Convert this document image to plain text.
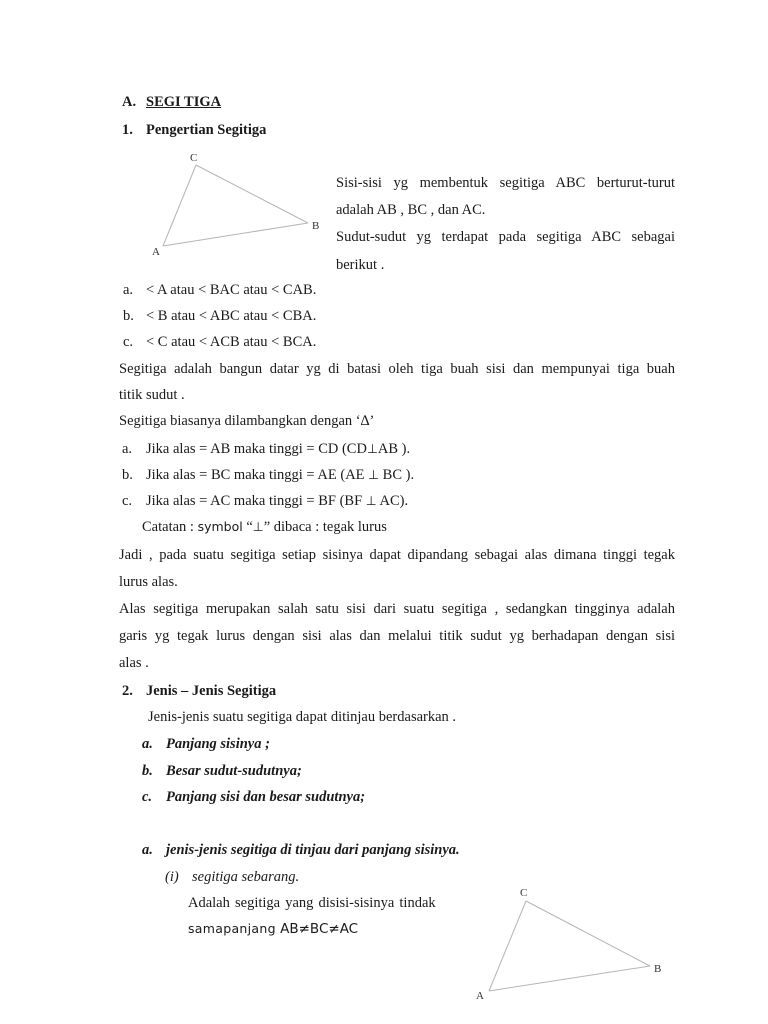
A. SEGI TIGA
1. Pengertian Segitiga
C
B
A
Sisi-sisi yg membentuk segitiga ABC berturut-turut
adalah AB , BC , dan AC.
Sudut-sudut yg terdapat pada segitiga ABC sebagai
berikut .
a. < A atau < BAC atau < CAB.
b. < B atau < ABC atau < CBA.
c. < C atau < ACB atau < BCA.
Segitiga adalah bangun datar yg di batasi oleh tiga buah sisi dan mempunyai tiga buah
titik sudut .
Segitiga biasanya dilambangkan dengan ‘∆’
a. Jika alas = AB maka tinggi = CD (CD⊥AB ).
b. Jika alas = BC maka tinggi = AE (AE ⊥ BC ).
c. Jika alas = AC maka tinggi = BF (BF ⊥ AC).
Catatan : symbol “⊥” dibaca : tegak lurus
Jadi , pada suatu segitiga setiap sisinya dapat dipandang sebagai alas dimana tinggi tegak
lurus alas.
Alas segitiga merupakan salah satu sisi dari suatu segitiga , sedangkan tingginya adalah
garis yg tegak lurus dengan sisi alas dan melalui titik sudut yg berhadapan dengan sisi
alas .
2. Jenis – Jenis Segitiga
Jenis-jenis suatu segitiga dapat ditinjau berdasarkan .
a. Panjang sisinya ;
b. Besar sudut-sudutnya;
c. Panjang sisi dan besar sudutnya;
a. jenis-jenis segitiga di tinjau dari panjang sisinya.
(i) segitiga sebarang.
Adalah segitiga yang disisi-sisinya tindak
samapanjang AB≠BC≠AC
C
B
A
